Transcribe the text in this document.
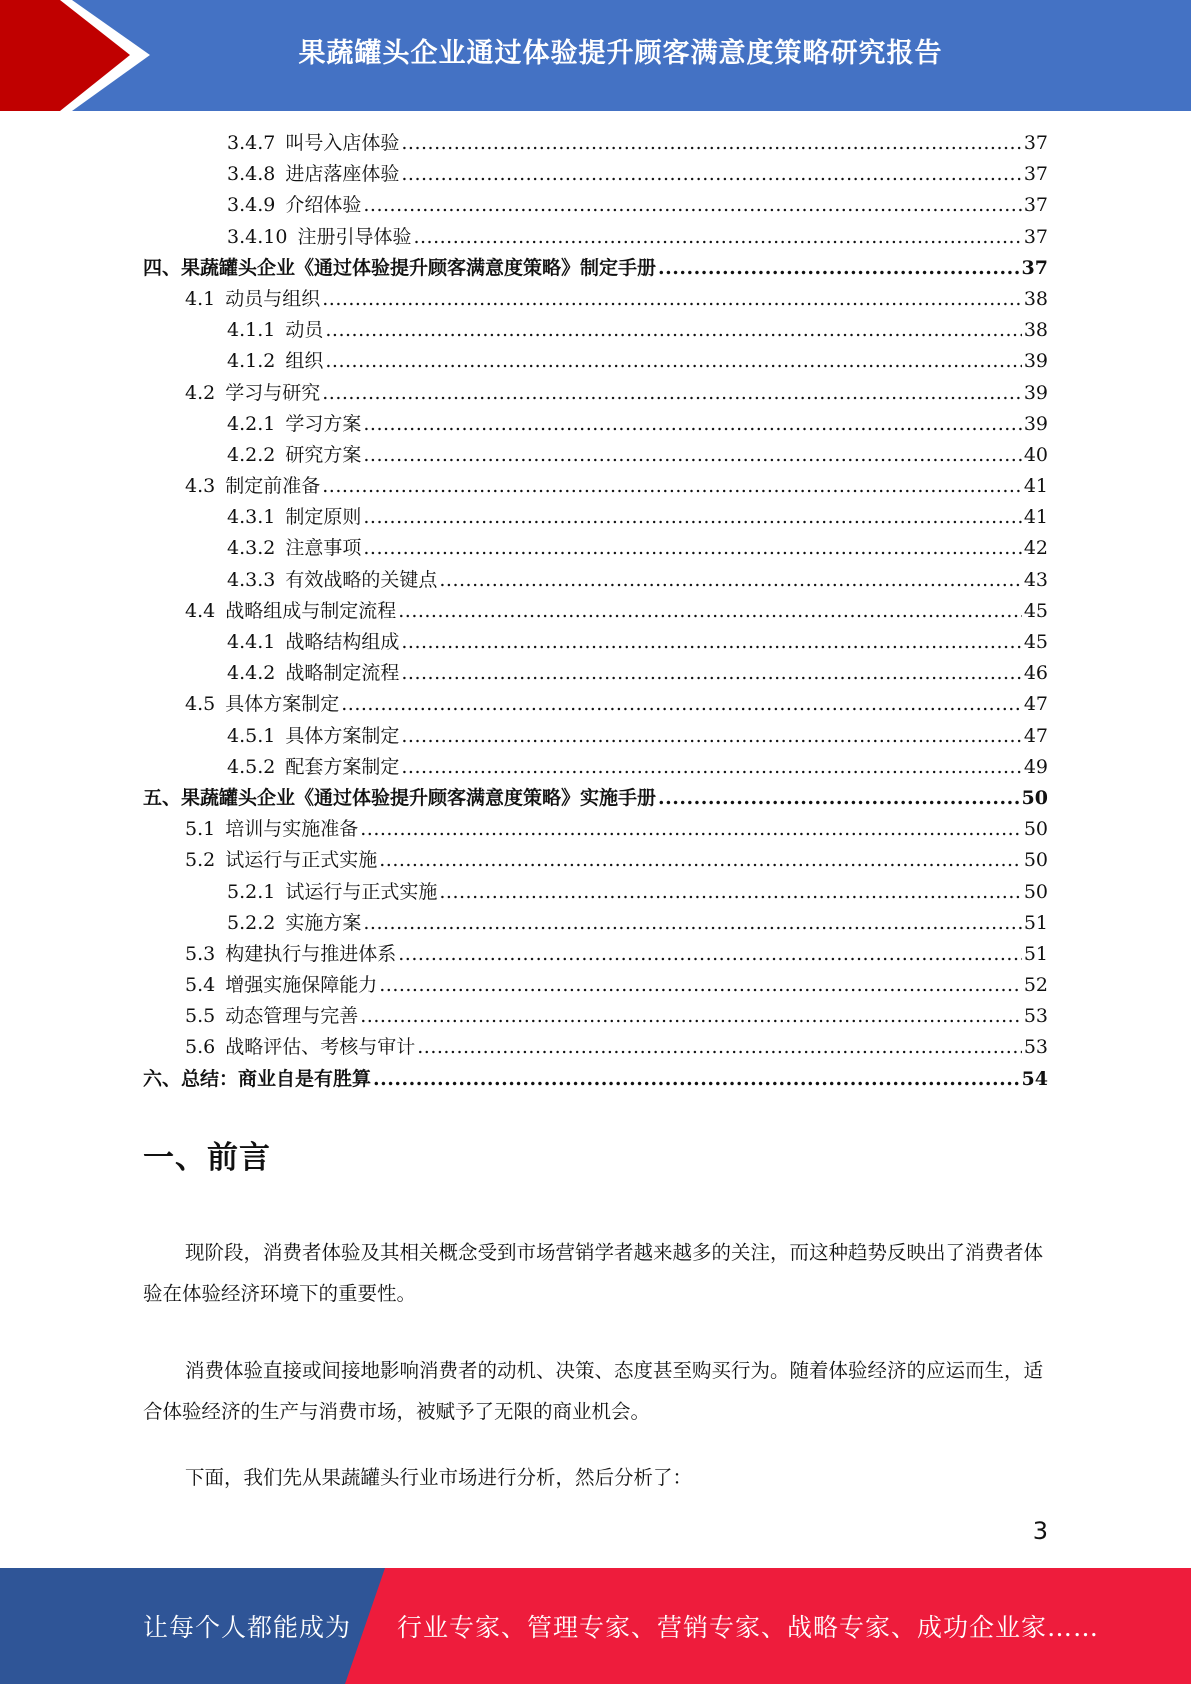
果蔬罐头企业通过体验提升顾客满意度策略研究报告
3.4.7 叫号入店体验 .....	37
3.4.8 进店落座体验 .....	37
3.4.9 介绍体验 .....	37
3.4.10 注册引导体验 .....	37
四、果蔬罐头企业《通过体验提升顾客满意度策略》制定手册 .....	37
4.1 动员与组织 .....	38
4.1.1 动员 .....	38
4.1.2 组织 .....	39
4.2 学习与研究 .....	39
4.2.1 学习方案 .....	39
4.2.2 研究方案 .....	40
4.3 制定前准备 .....	41
4.3.1 制定原则 .....	41
4.3.2 注意事项 .....	42
4.3.3 有效战略的关键点 .....	43
4.4 战略组成与制定流程 .....	45
4.4.1 战略结构组成 .....	45
4.4.2 战略制定流程 .....	46
4.5 具体方案制定 .....	47
4.5.1 具体方案制定 .....	47
4.5.2 配套方案制定 .....	49
五、果蔬罐头企业《通过体验提升顾客满意度策略》实施手册 .....	50
5.1 培训与实施准备 .....	50
5.2 试运行与正式实施 .....	50
5.2.1 试运行与正式实施 .....	50
5.2.2 实施方案 .....	51
5.3 构建执行与推进体系 .....	51
5.4 增强实施保障能力 .....	52
5.5 动态管理与完善 .....	53
5.6 战略评估、考核与审计 .....	53
六、总结：商业自是有胜算 .....	54
一、前言

现阶段，消费者体验及其相关概念受到市场营销学者越来越多的关注，而这种趋势反映出了消费者体验在体验经济环境下的重要性。

消费体验直接或间接地影响消费者的动机、决策、态度甚至购买行为。随着体验经济的应运而生，适合体验经济的生产与消费市场，被赋予了无限的商业机会。

下面，我们先从果蔬罐头行业市场进行分析，然后分析了：

3
让每个人都能成为 行业专家、管理专家、营销专家、战略专家、成功企业家……
